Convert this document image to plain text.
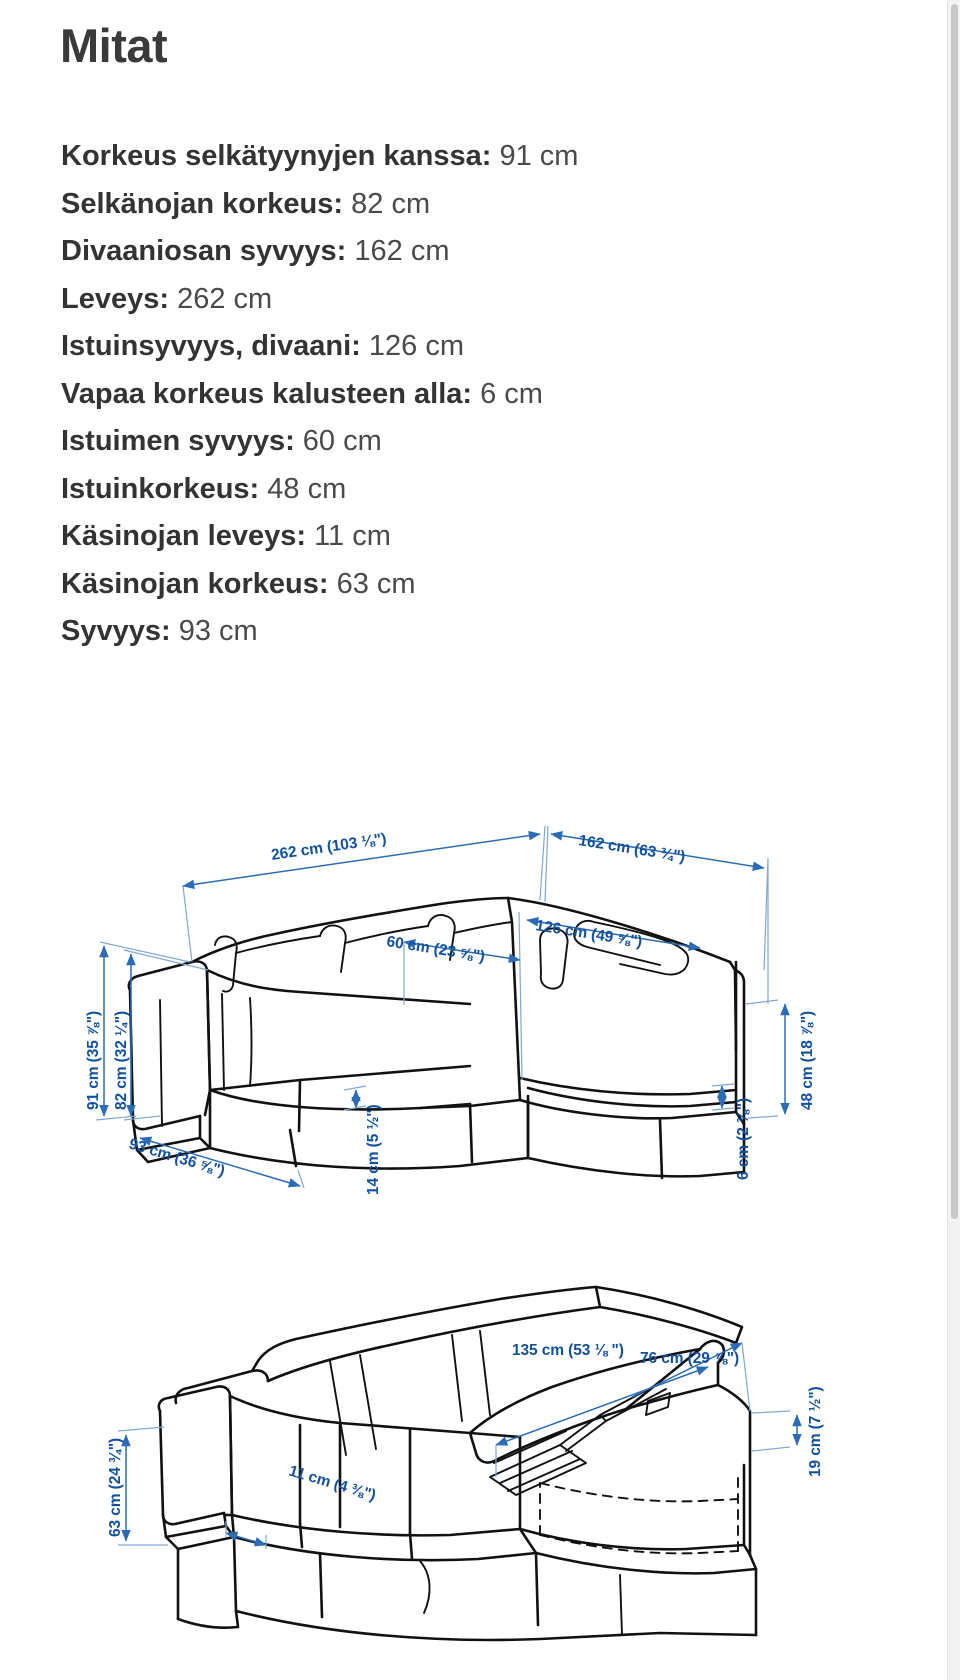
Mitat
Korkeus selkätyynyjen kanssa: 91 cm
Selkänojan korkeus: 82 cm
Divaaniosan syvyys: 162 cm
Leveys: 262 cm
Istuinsyvyys, divaani: 126 cm
Vapaa korkeus kalusteen alla: 6 cm
Istuimen syvyys: 60 cm
Istuinkorkeus: 48 cm
Käsinojan leveys: 11 cm
Käsinojan korkeus: 63 cm
Syvyys: 93 cm
262 cm (103 ⅛")	162 cm (63 ¾")
126 cm (49 ⅝")
60 cm (23 ⅝")
91 cm (35 ⅞") 82 cm (32 ¼")
93 cm (36 ⅝")	14 cm (5 ½")	6 cm (2 ⅜")
48 cm (18 ⅞")
135 cm (53 ⅛ ") 76 cm (29 ⅞")
11 cm (4 ⅜")
63 cm (24 ¾")
19 cm (7 ½")
